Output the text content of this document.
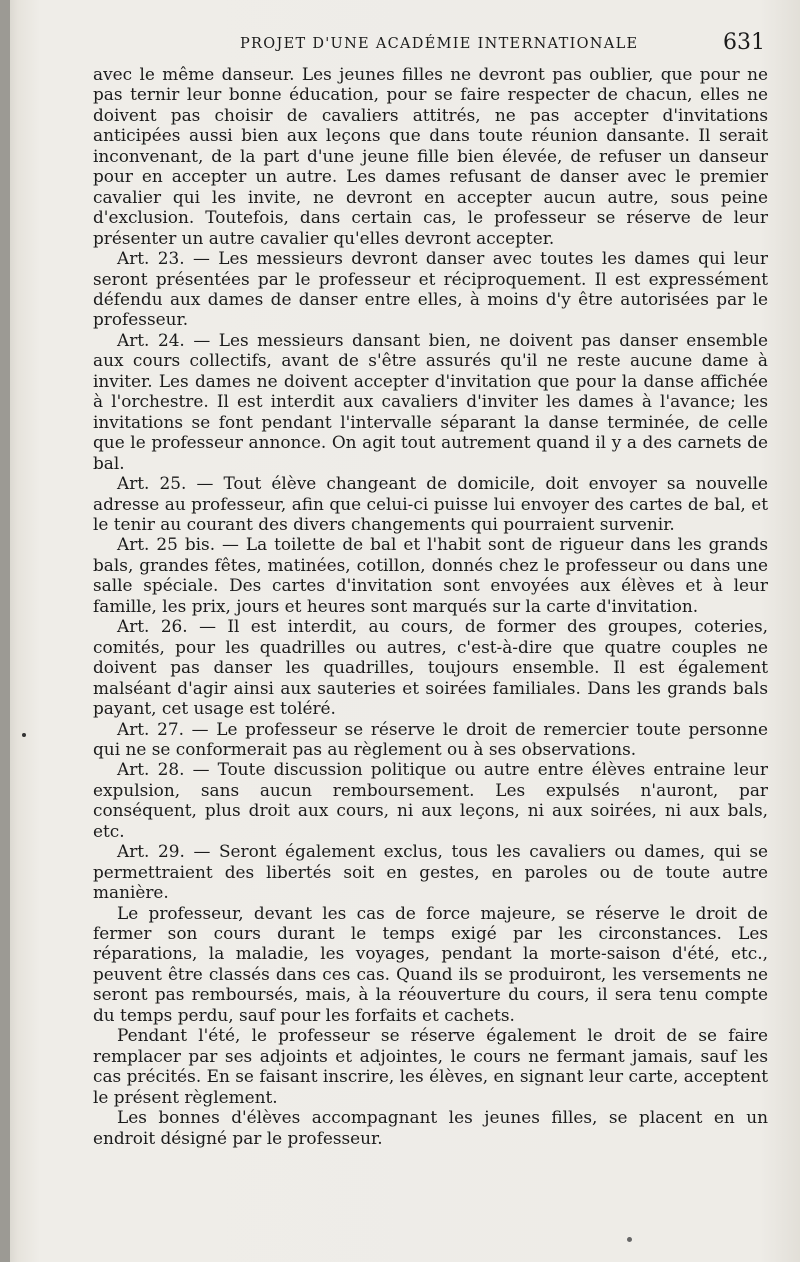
PROJET D'UNE ACADÉMIE INTERNATIONALE	631

avec le même danseur. Les jeunes filles ne devront pas oublier, que pour ne pas ternir leur bonne éducation, pour se faire respecter de chacun, elles ne doivent pas choisir de cavaliers attitrés, ne pas accepter d'invitations anticipées aussi bien aux leçons que dans toute réunion dansante. Il serait inconvenant, de la part d'une jeune fille bien élevée, de refuser un danseur pour en accepter un autre. Les dames refusant de danser avec le premier cavalier qui les invite, ne devront en accepter aucun autre, sous peine d'exclusion. Toutefois, dans certain cas, le professeur se réserve de leur présenter un autre cavalier qu'elles devront accepter.

Art. 23. — Les messieurs devront danser avec toutes les dames qui leur seront présentées par le professeur et réciproquement. Il est expressément défendu aux dames de danser entre elles, à moins d'y être autorisées par le professeur.

Art. 24. — Les messieurs dansant bien, ne doivent pas danser ensemble aux cours collectifs, avant de s'être assurés qu'il ne reste aucune dame à inviter. Les dames ne doivent accepter d'invitation que pour la danse affichée à l'orchestre. Il est interdit aux cavaliers d'inviter les dames à l'avance; les invitations se font pendant l'intervalle séparant la danse terminée, de celle que le professeur annonce. On agit tout autrement quand il y a des carnets de bal.

Art. 25. — Tout élève changeant de domicile, doit envoyer sa nouvelle adresse au professeur, afin que celui-ci puisse lui envoyer des cartes de bal, et le tenir au courant des divers changements qui pourraient survenir.

Art. 25 bis. — La toilette de bal et l'habit sont de rigueur dans les grands bals, grandes fêtes, matinées, cotillon, donnés chez le professeur ou dans une salle spéciale. Des cartes d'invitation sont envoyées aux élèves et à leur famille, les prix, jours et heures sont marqués sur la carte d'invitation.

Art. 26. — Il est interdit, au cours, de former des groupes, coteries, comités, pour les quadrilles ou autres, c'est-à-dire que quatre couples ne doivent pas danser les quadrilles, toujours ensemble. Il est également malséant d'agir ainsi aux sauteries et soirées familiales. Dans les grands bals payant, cet usage est toléré.

Art. 27. — Le professeur se réserve le droit de remercier toute personne qui ne se conformerait pas au règlement ou à ses observations.

Art. 28. — Toute discussion politique ou autre entre élèves entraine leur expulsion, sans aucun remboursement. Les expulsés n'auront, par conséquent, plus droit aux cours, ni aux leçons, ni aux soirées, ni aux bals, etc.

Art. 29. — Seront également exclus, tous les cavaliers ou dames, qui se permettraient des libertés soit en gestes, en paroles ou de toute autre manière.

Le professeur, devant les cas de force majeure, se réserve le droit de fermer son cours durant le temps exigé par les circonstances. Les réparations, la maladie, les voyages, pendant la morte-saison d'été, etc., peuvent être classés dans ces cas. Quand ils se produiront, les versements ne seront pas remboursés, mais, à la réouverture du cours, il sera tenu compte du temps perdu, sauf pour les forfaits et cachets.

Pendant l'été, le professeur se réserve également le droit de se faire remplacer par ses adjoints et adjointes, le cours ne fermant jamais, sauf les cas précités. En se faisant inscrire, les élèves, en signant leur carte, acceptent le présent règlement.

Les bonnes d'élèves accompagnant les jeunes filles, se placent en un endroit désigné par le professeur.
